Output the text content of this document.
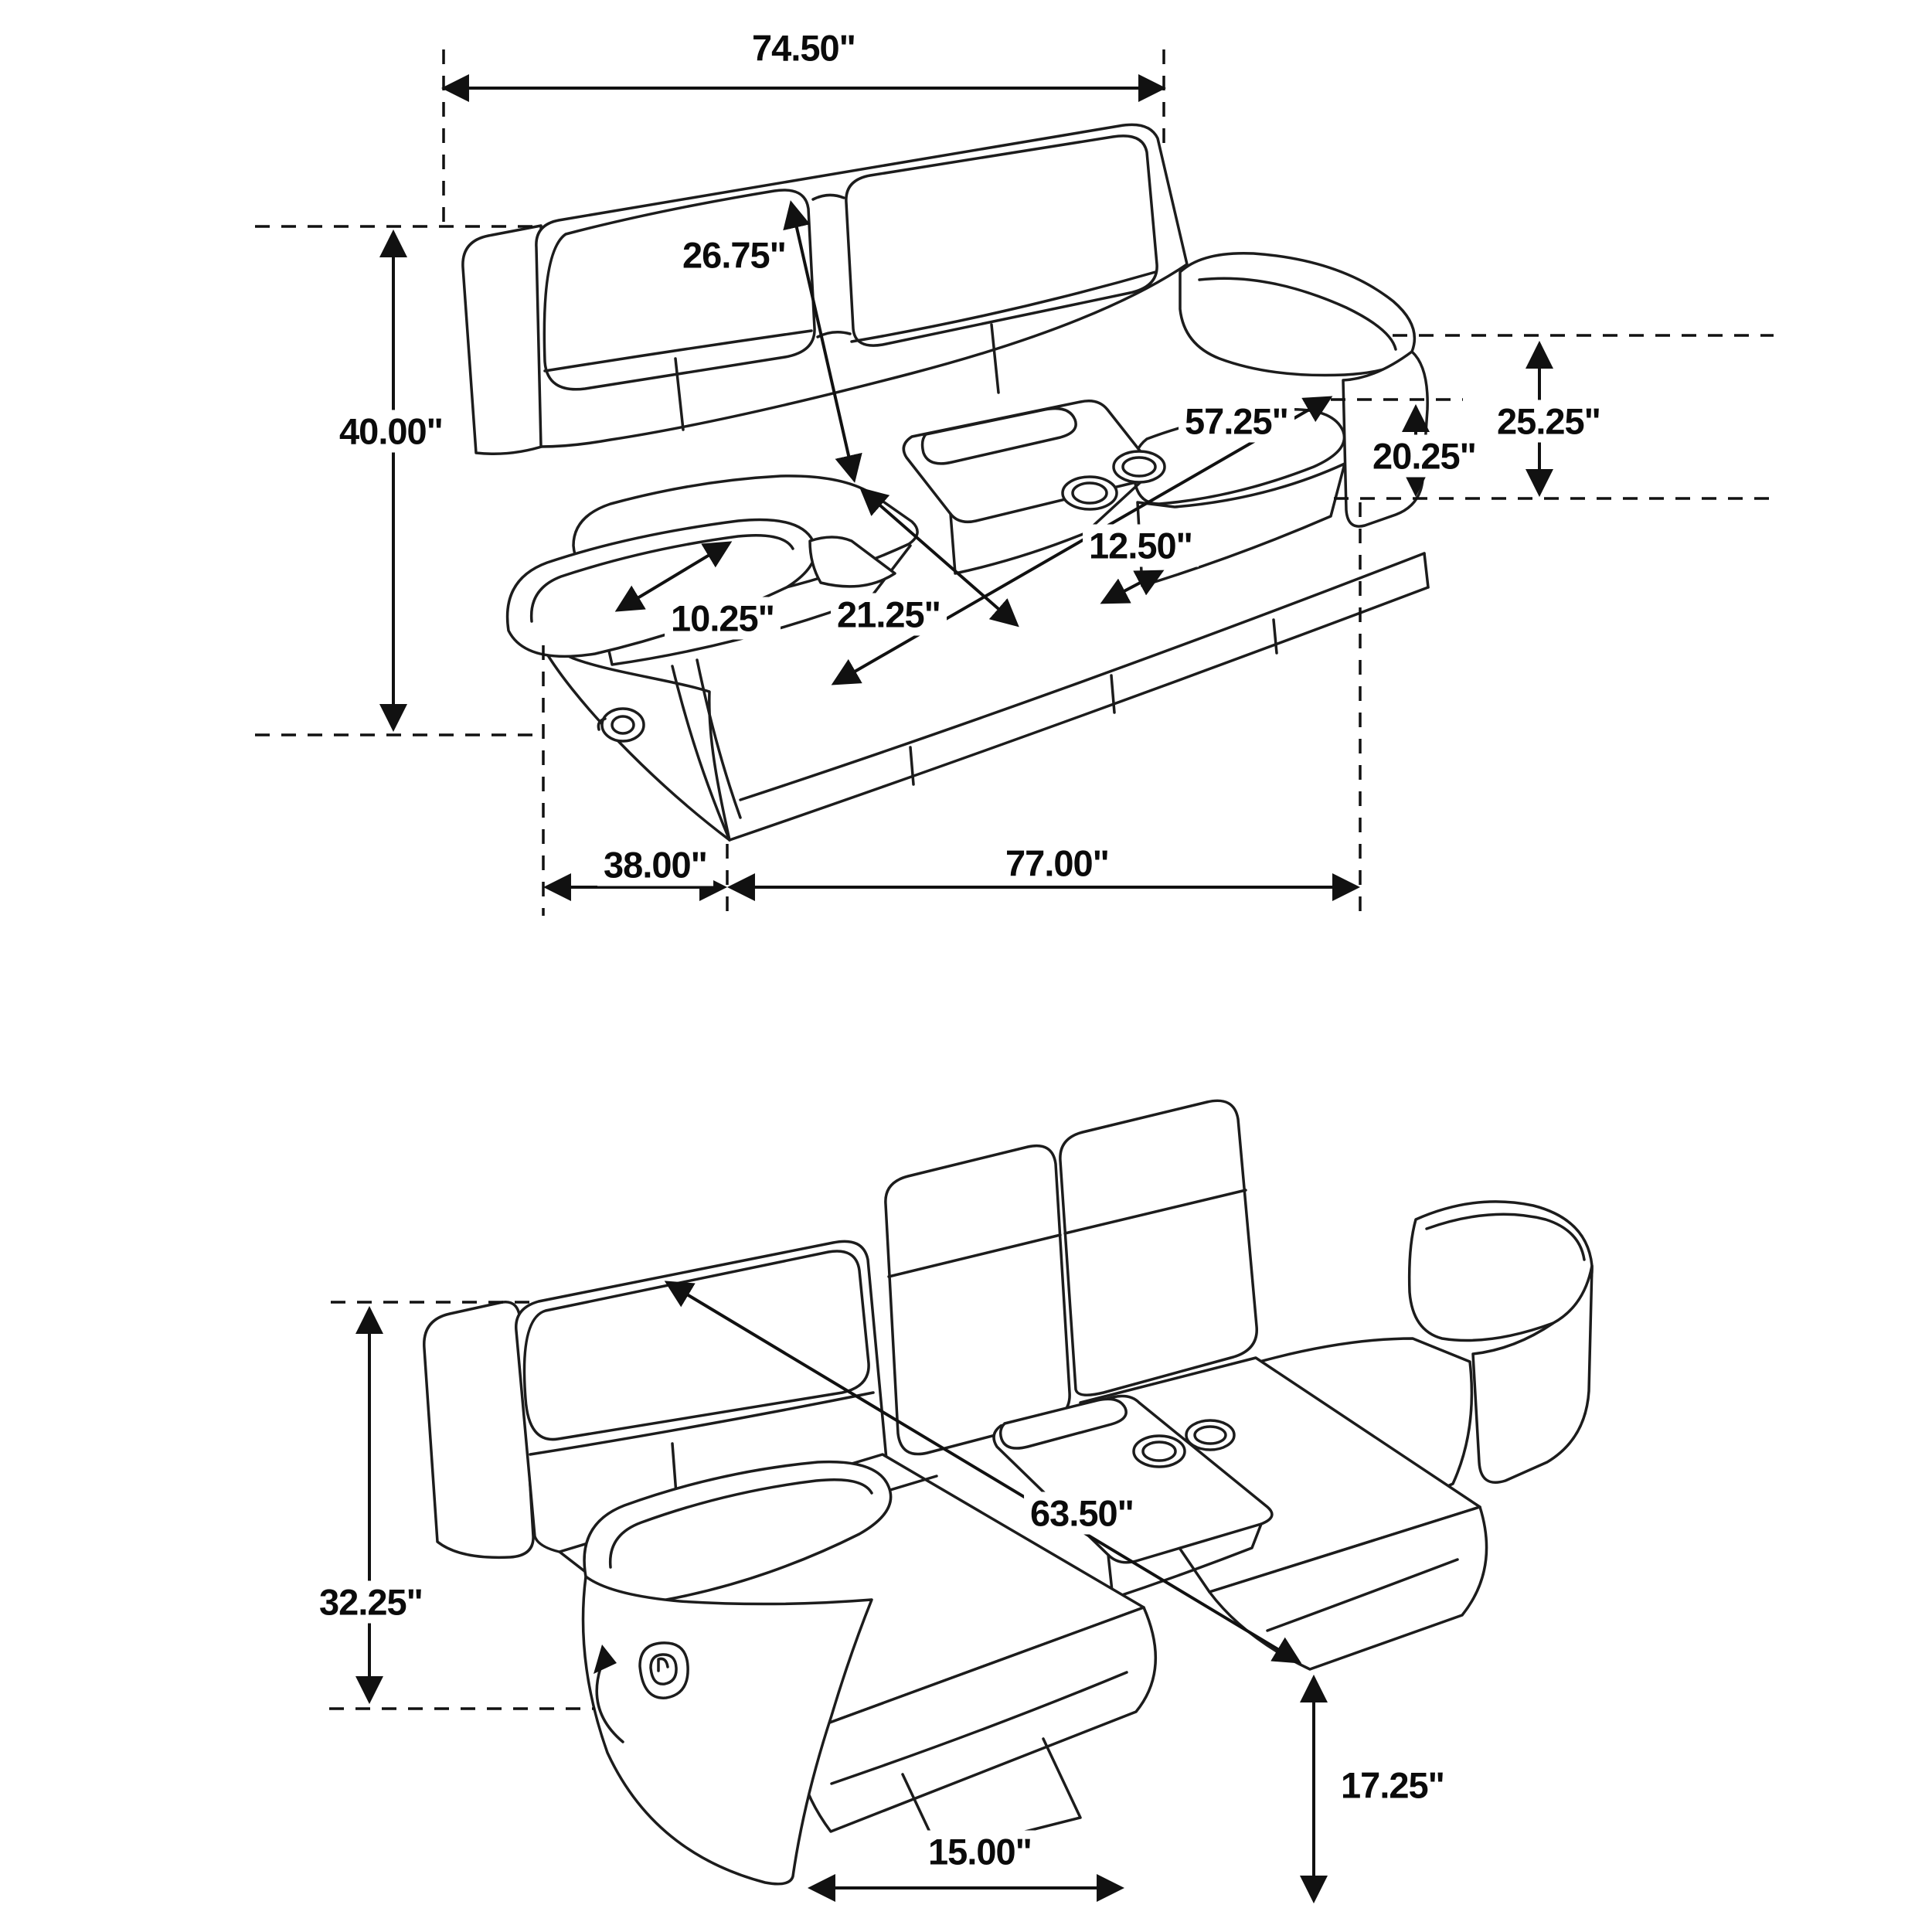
74.50"
26.75"
40.00"
10.25" 21.25"
57.25"
12.50"
20.25"
25.25"
38.00"	77.00"
32.25"
63.50"
15.00"
17.25"
